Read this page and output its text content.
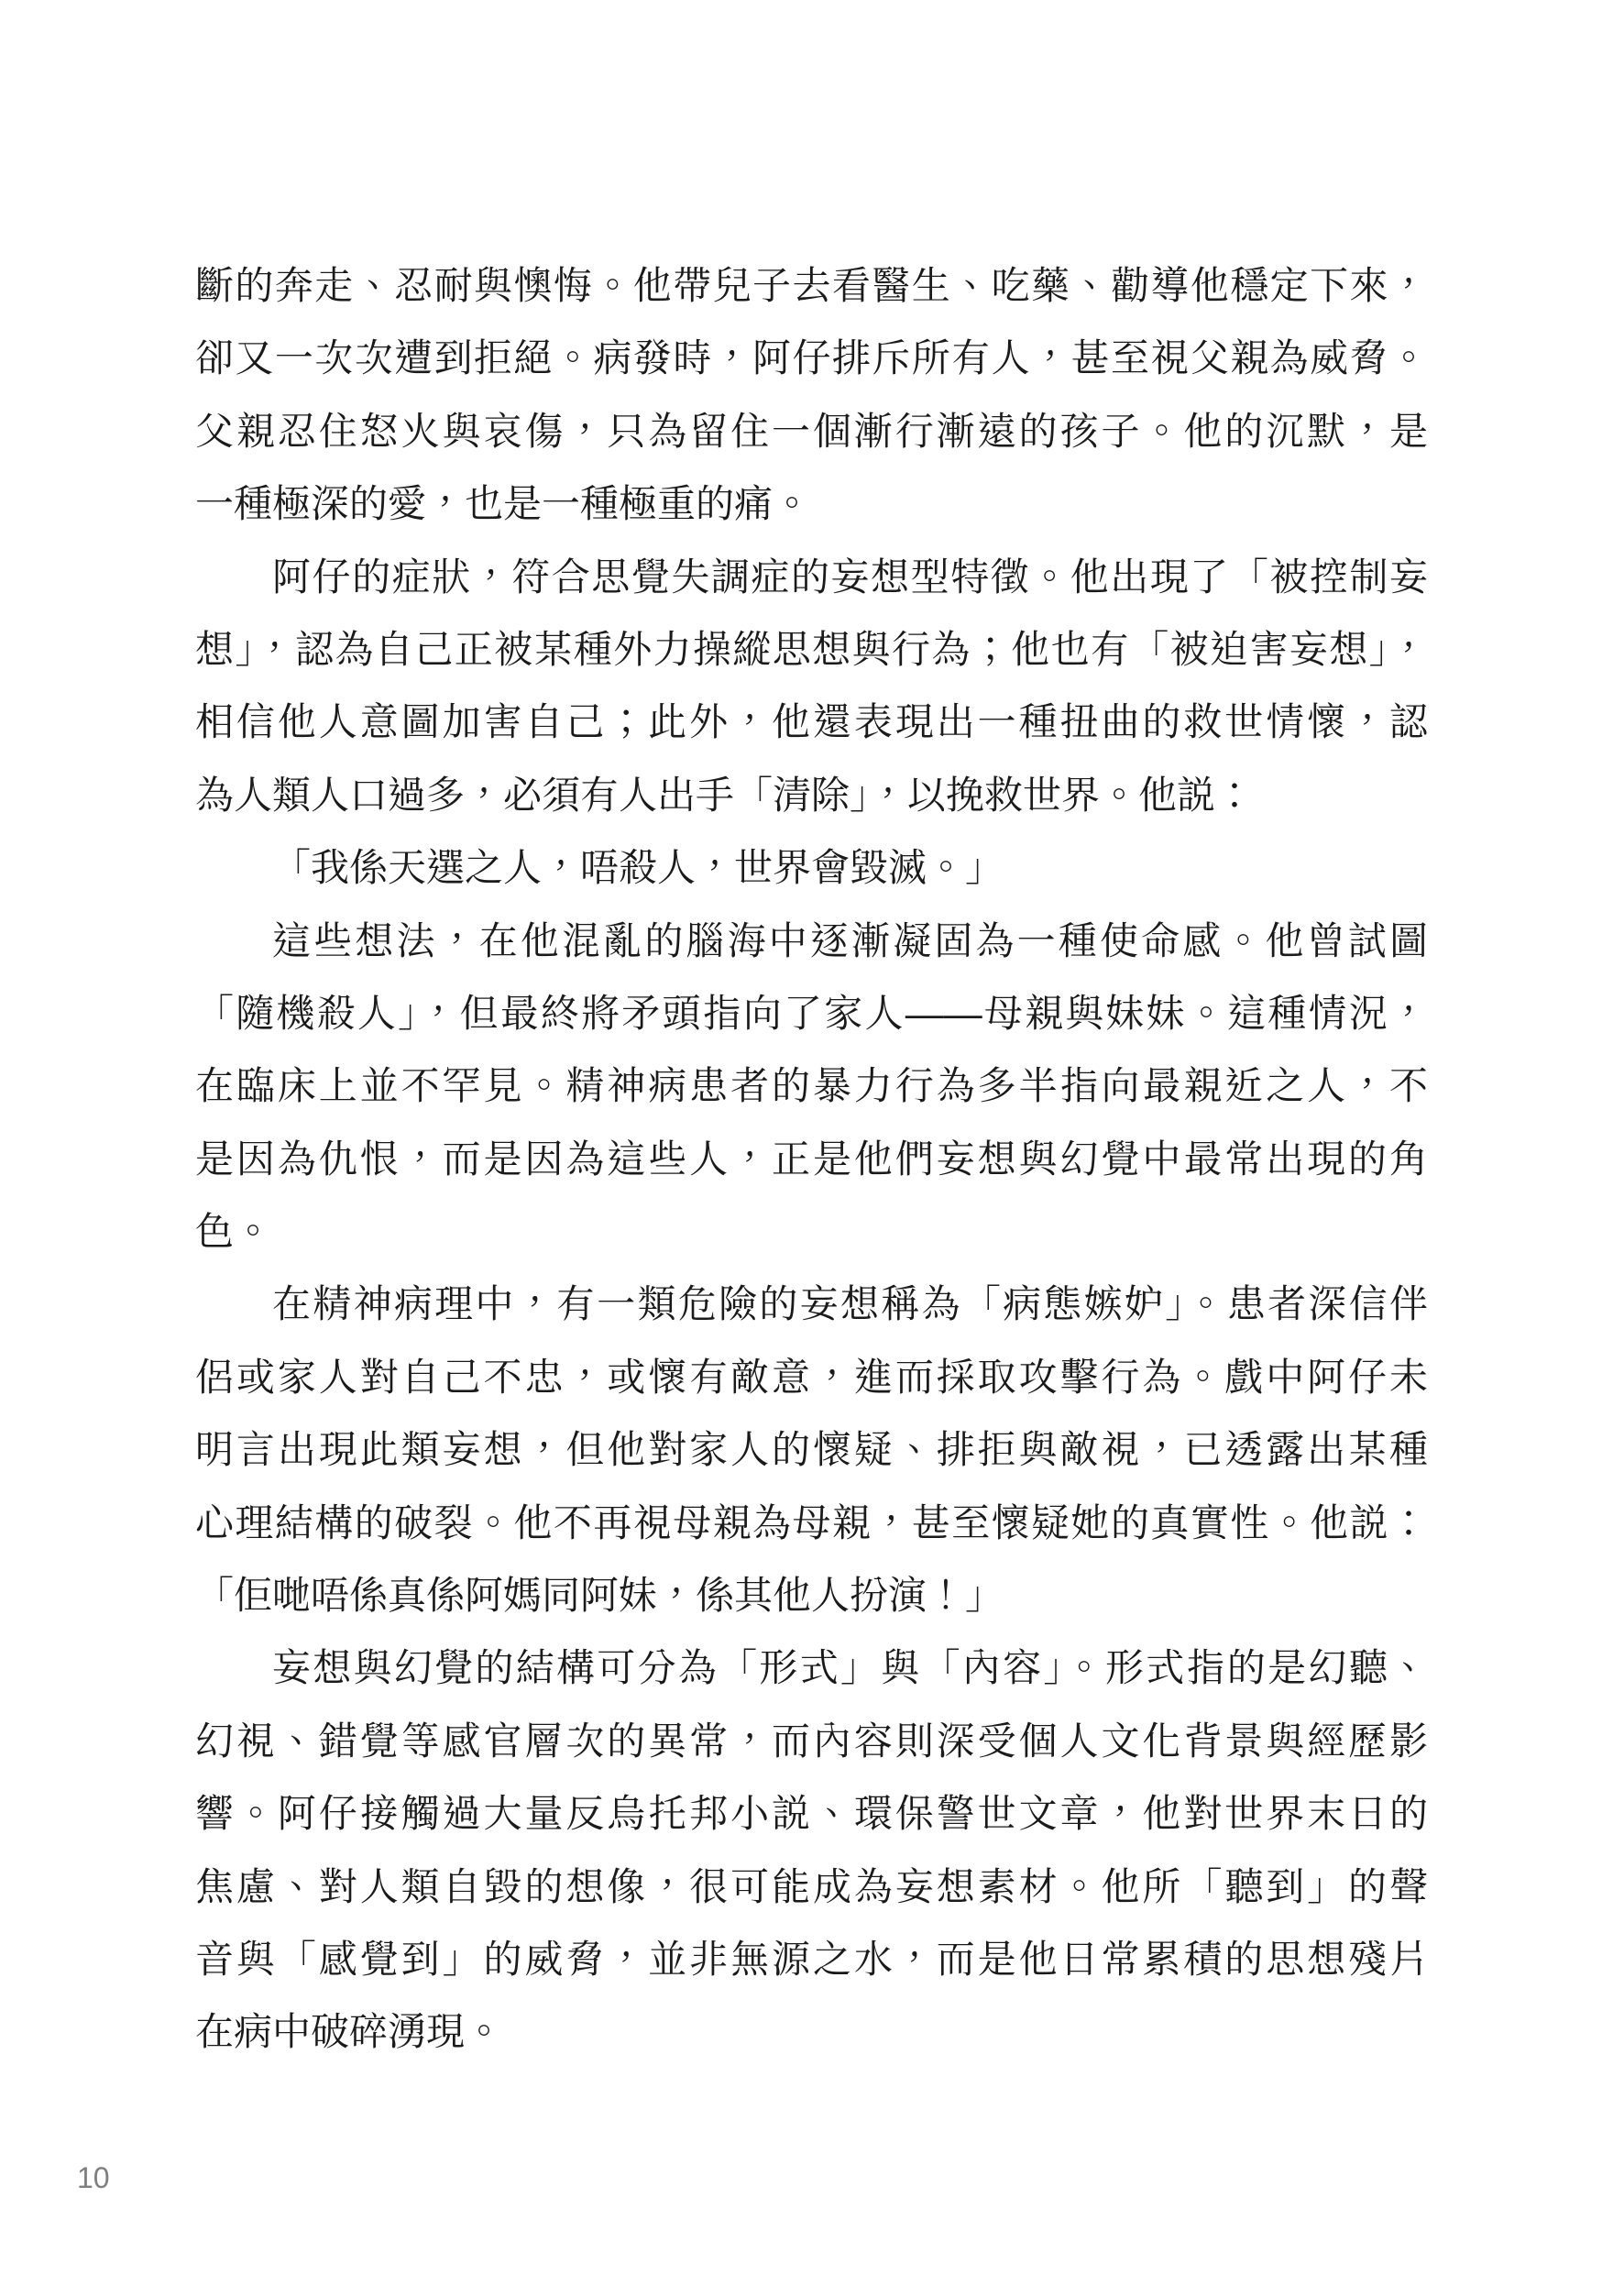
斷的奔走、忍耐與懊悔。他帶兒子去看醫生、吃藥、勸導他穩定下來，
卻又一次次遭到拒絕。病發時，阿仔排斥所有人，甚至視父親為威脅。
父親忍住怒火與哀傷，只為留住一個漸行漸遠的孩子。他的沉默，是
一種極深的愛，也是一種極重的痛。
阿仔的症狀，符合思覺失調症的妄想型特徵。他出現了「被控制妄
想」，認為自己正被某種外力操縱思想與行為；他也有「被迫害妄想」，
相信他人意圖加害自己；此外，他還表現出一種扭曲的救世情懷，認
為人類人口過多，必須有人出手「清除」，以挽救世界。他説：
「我係天選之人，唔殺人，世界會毀滅。」
這些想法，在他混亂的腦海中逐漸凝固為一種使命感。他曾試圖
「隨機殺人」，但最終將矛頭指向了家人——母親與妹妹。這種情況，
在臨床上並不罕見。精神病患者的暴力行為多半指向最親近之人，不
是因為仇恨，而是因為這些人，正是他們妄想與幻覺中最常出現的角
色。
在精神病理中，有一類危險的妄想稱為「病態嫉妒」。患者深信伴
侶或家人對自己不忠，或懷有敵意，進而採取攻擊行為。戲中阿仔未
明言出現此類妄想，但他對家人的懷疑、排拒與敵視，已透露出某種
心理結構的破裂。他不再視母親為母親，甚至懷疑她的真實性。他説：
「佢哋唔係真係阿媽同阿妹，係其他人扮演！」
妄想與幻覺的結構可分為「形式」與「內容」。形式指的是幻聽、
幻視、錯覺等感官層次的異常，而內容則深受個人文化背景與經歷影
響。阿仔接觸過大量反烏托邦小説、環保警世文章，他對世界末日的
焦慮、對人類自毀的想像，很可能成為妄想素材。他所「聽到」的聲
音與「感覺到」的威脅，並非無源之水，而是他日常累積的思想殘片
在病中破碎湧現。
10
